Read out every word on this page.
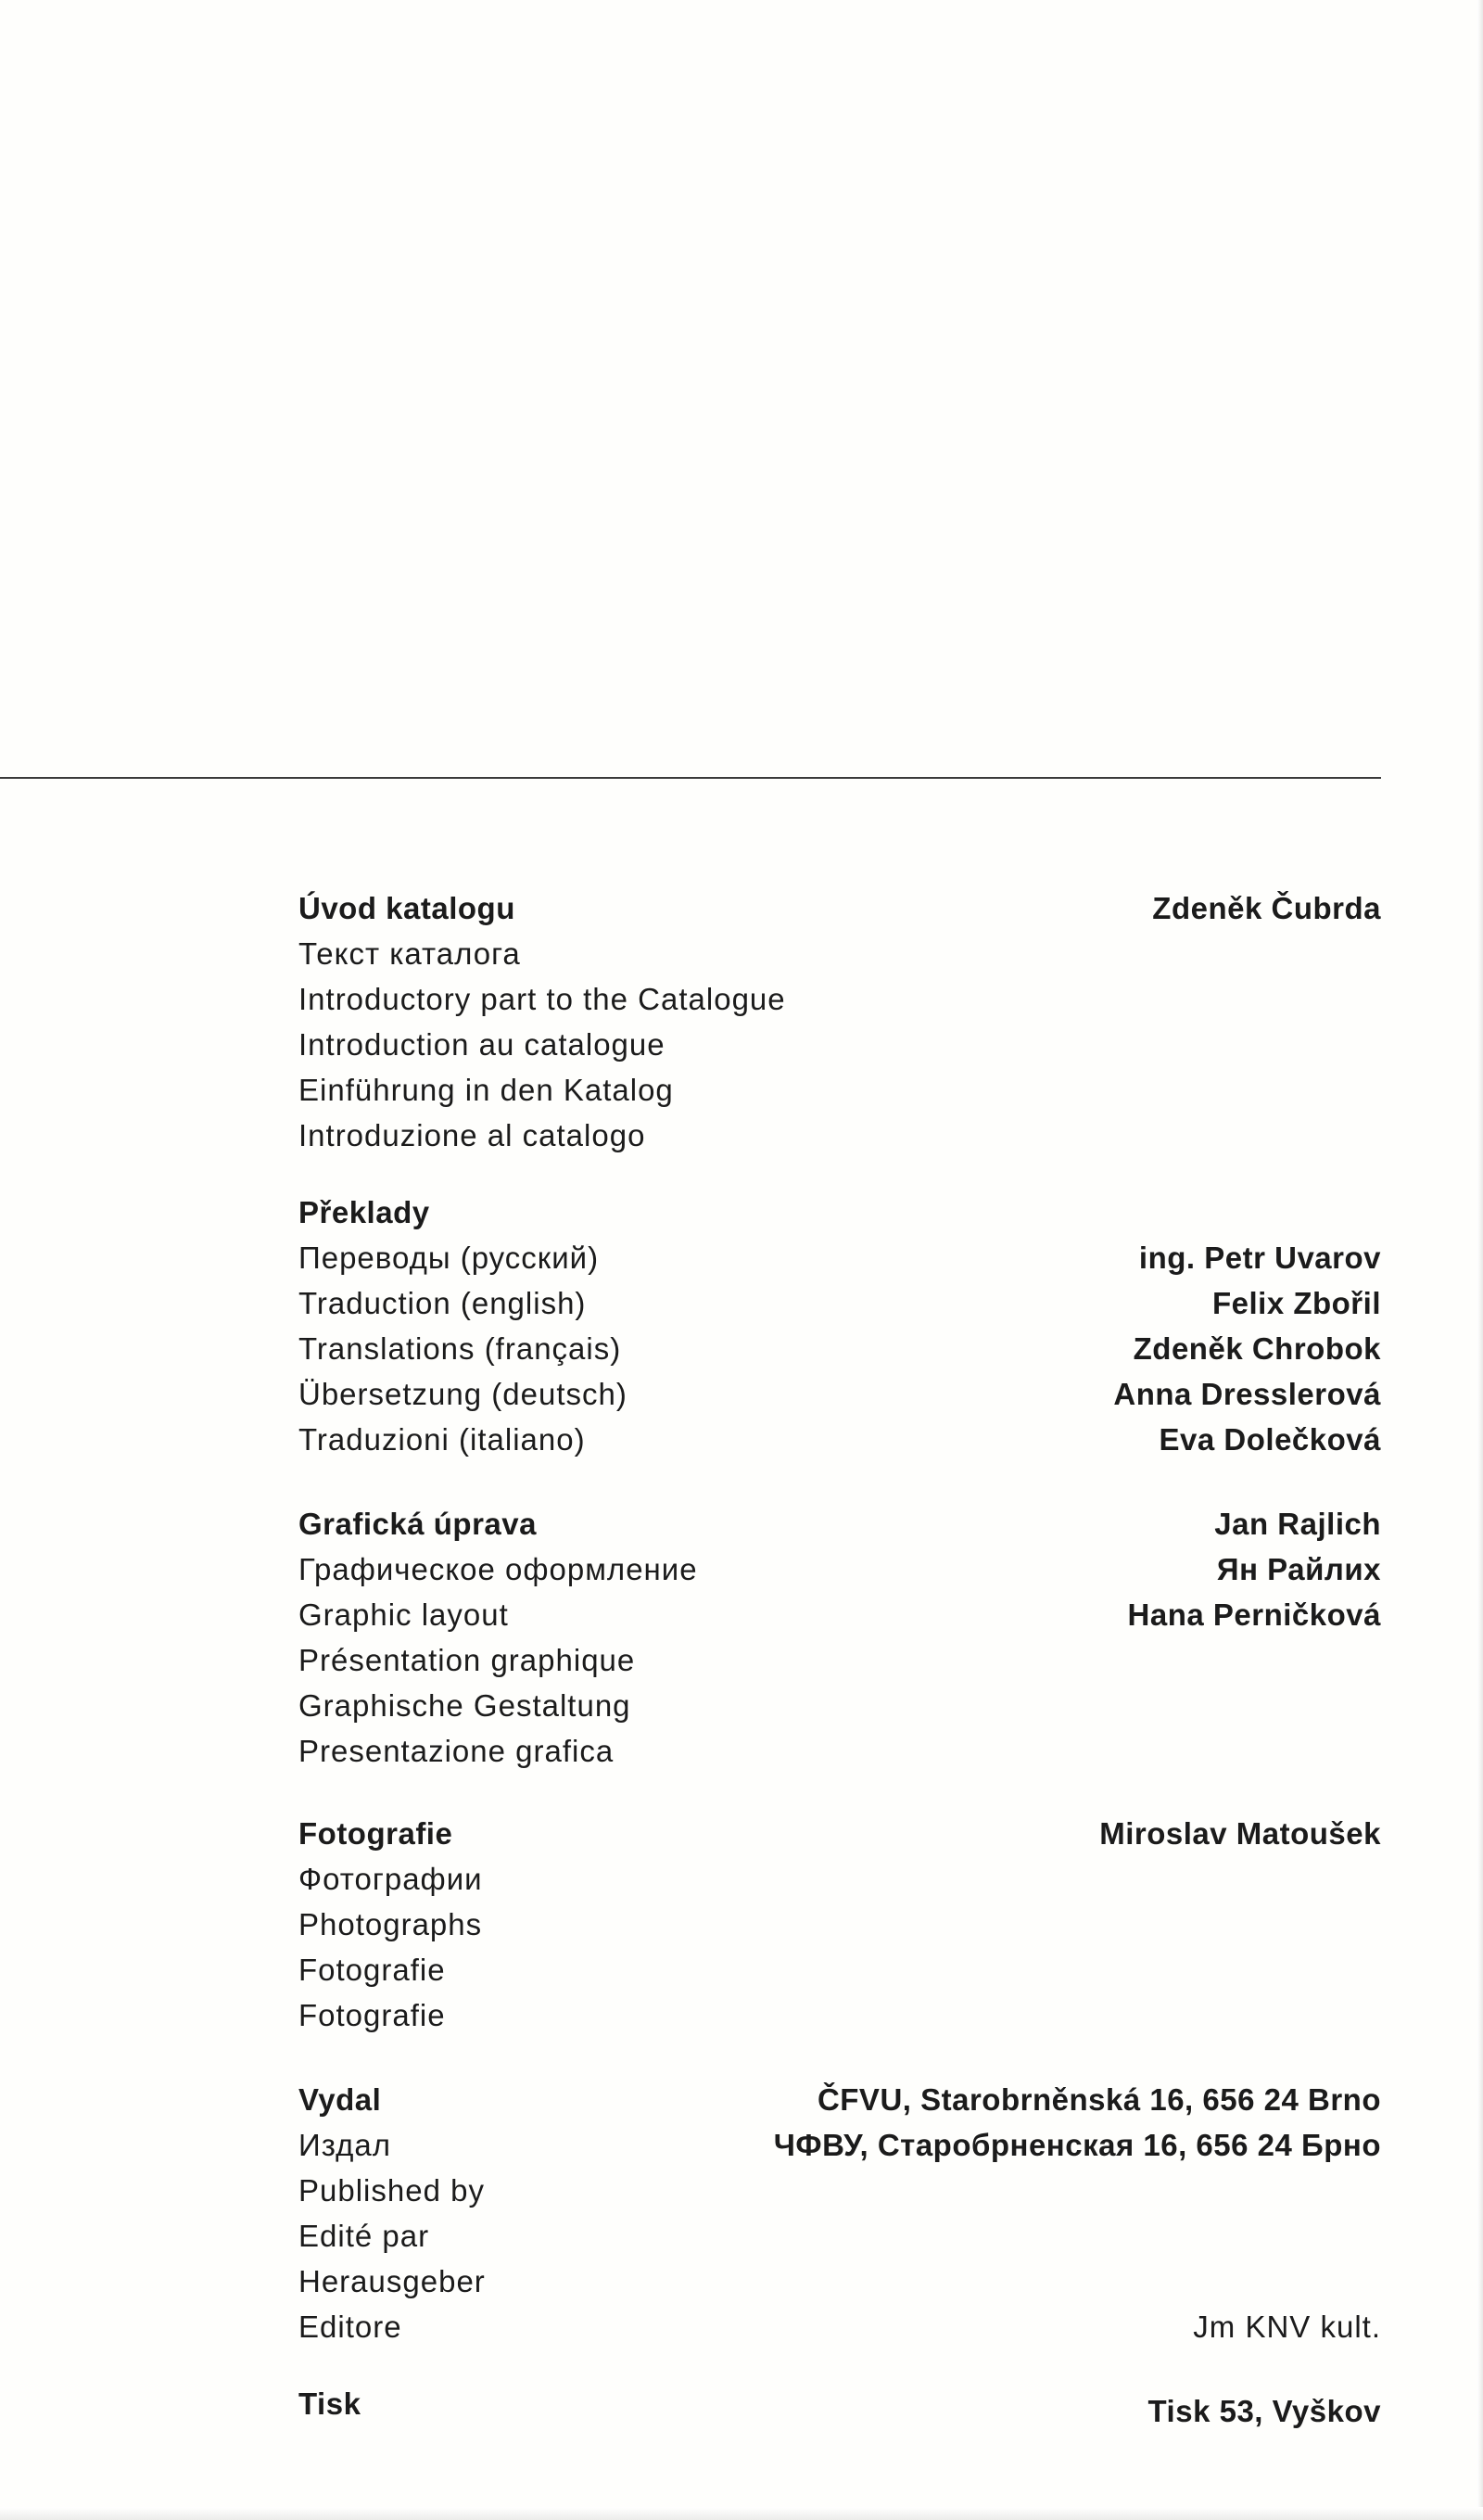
Úvod katalogu
Текст каталога
Introductory part to the Catalogue
Introduction au catalogue
Einführung in den Katalog
Introduzione al catalogo
Zdeněk Čubrda
Překlady
Переводы (русский)
Traduction (english)
Translations (français)
Übersetzung (deutsch)
Traduzioni (italiano)
ing. Petr Uvarov
Felix Zbořil
Zdeněk Chrobok
Anna Dresslerová
Eva Dolečková
Grafická úprava
Графическое оформление
Graphic layout
Présentation graphique
Graphische Gestaltung
Presentazione grafica
Jan Rajlich
Ян Райлих
Hana Perničková
Fotografie
Фотографии
Photographs
Fotografie
Fotografie
Miroslav Matoušek
Vydal
Издал
Published by
Edité par
Herausgeber
Editore
ČFVU, Starobrněnská 16, 656 24 Brno
ЧФВУ, Старобрненская 16, 656 24 Брно
Jm KNV kult.
Tisk	Tisk 53, Vyškov
